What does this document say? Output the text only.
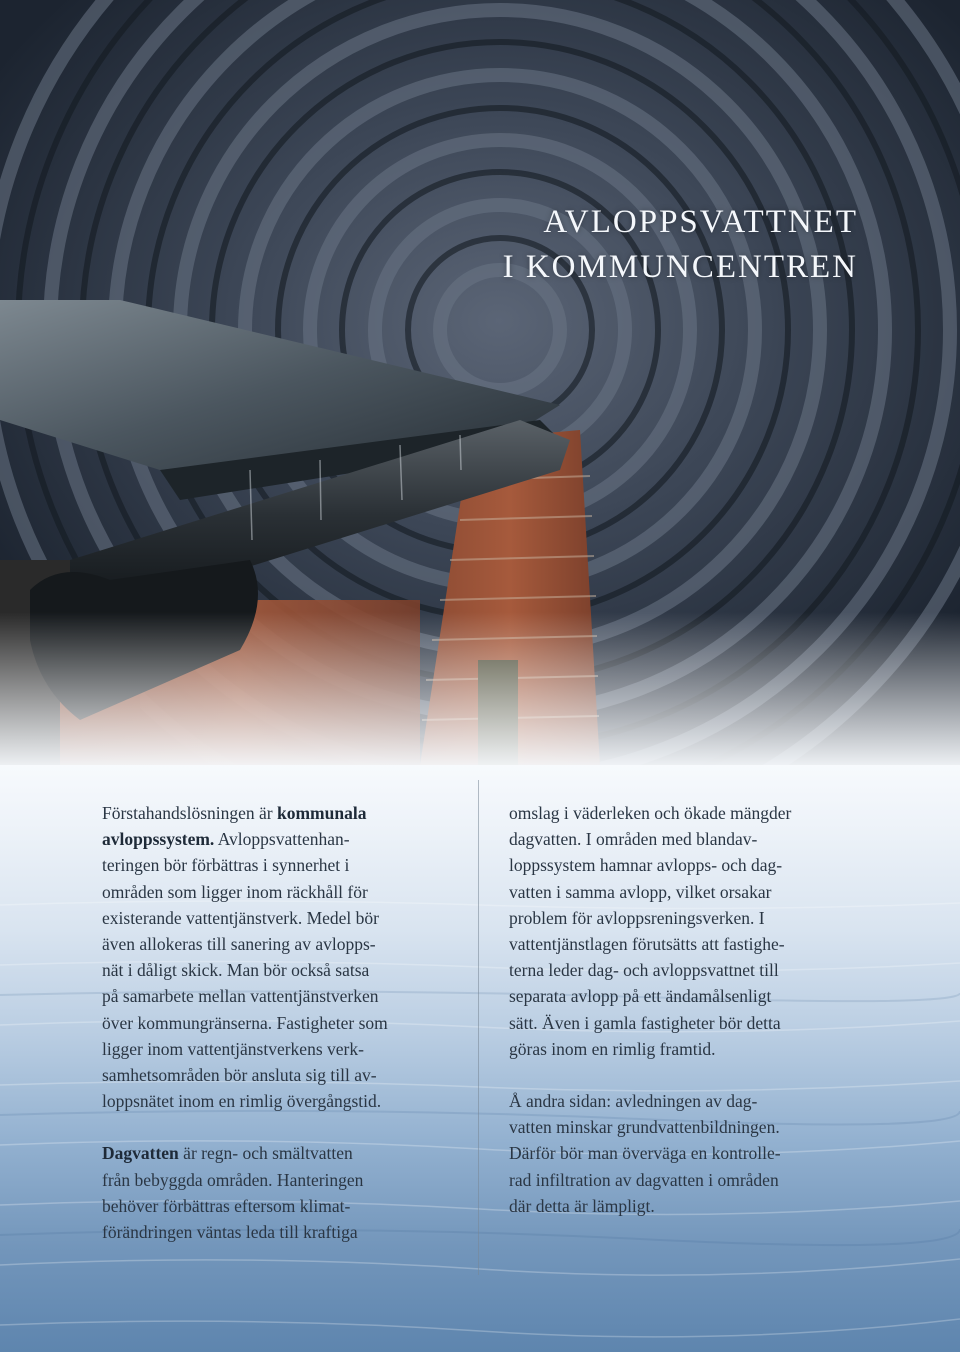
AVLOPPSVATTNET
I KOMMUNCENTREN

Förstahandslösningen är kommunala
avloppssystem. Avloppsvattenhan-
teringen bör förbättras i synnerhet i
områden som ligger inom räckhåll för
existerande vattentjänstverk. Medel bör
även allokeras till sanering av avlopps-
nät i dåligt skick. Man bör också satsa
på samarbete mellan vattentjänstverken
över kommungränserna. Fastigheter som
ligger inom vattentjänstverkens verk-
samhetsområden bör ansluta sig till av-
loppsnätet inom en rimlig övergångstid.

Dagvatten är regn- och smältvatten
från bebyggda områden. Hanteringen
behöver förbättras eftersom klimat-
förändringen väntas leda till kraftiga

omslag i väderleken och ökade mängder
dagvatten. I områden med blandav-
loppssystem hamnar avlopps- och dag-
vatten i samma avlopp, vilket orsakar
problem för avloppsreningsverken. I
vattentjänstlagen förutsätts att fastighe-
terna leder dag- och avloppsvattnet till
separata avlopp på ett ändamålsenligt
sätt. Även i gamla fastigheter bör detta
göras inom en rimlig framtid.

Å andra sidan: avledningen av dag-
vatten minskar grundvattenbildningen.
Därför bör man överväga en kontrolle-
rad infiltration av dagvatten i områden
där detta är lämpligt.
